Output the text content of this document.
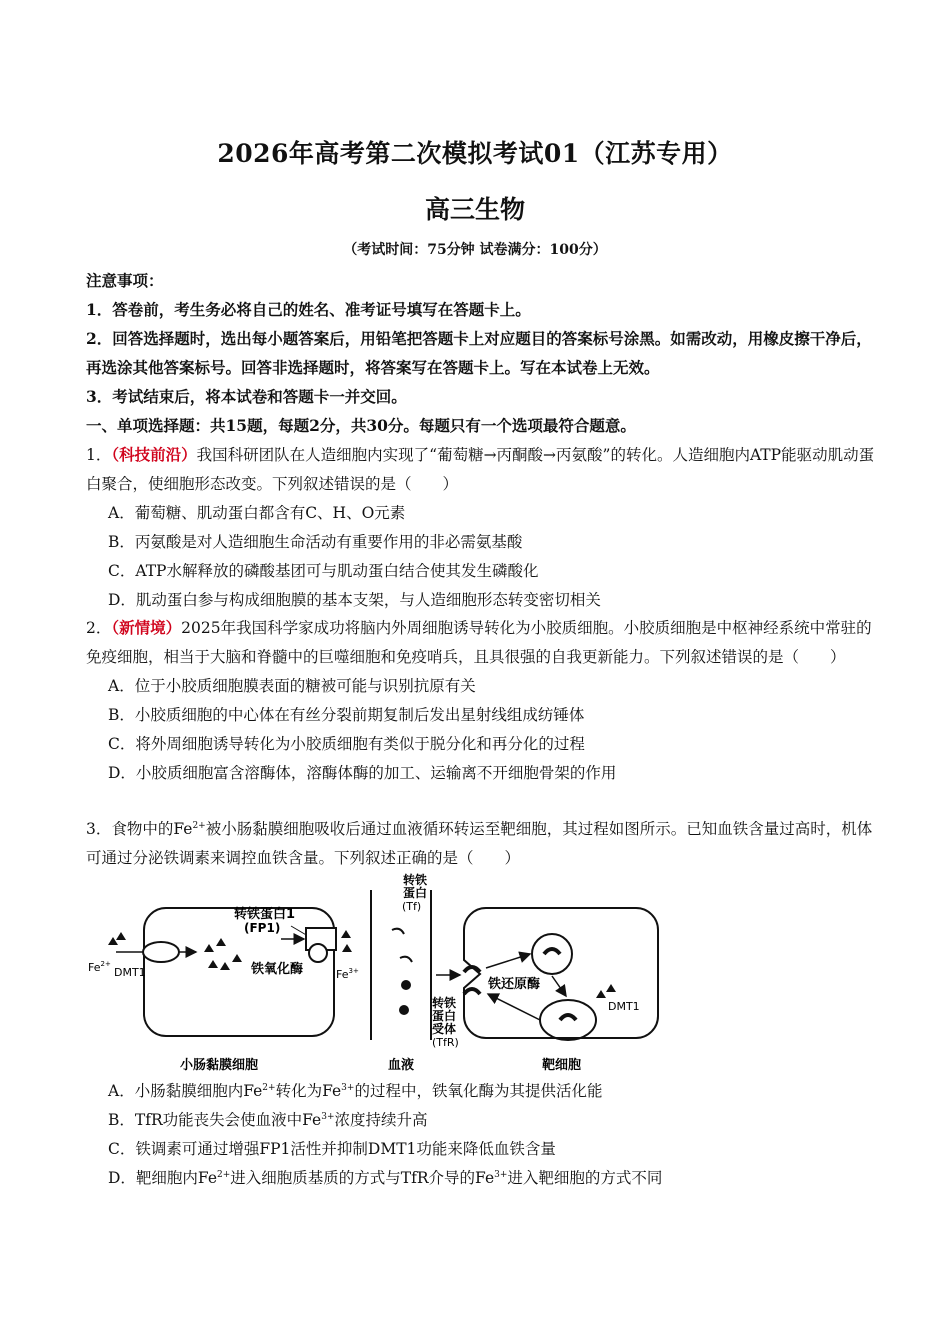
2026年高考第二次模拟考试01（江苏专用）
高三生物
（考试时间：75分钟 试卷满分：100分）

注意事项：

1．答卷前，考生务必将自己的姓名、准考证号填写在答题卡上。

2．回答选择题时，选出每小题答案后，用铅笔把答题卡上对应题目的答案标号涂黑。如需改动，用橡皮擦干净后，再选涂其他答案标号。回答非选择题时，将答案写在答题卡上。写在本试卷上无效。

3．考试结束后，将本试卷和答题卡一并交回。

一、单项选择题：共15题，每题2分，共30分。每题只有一个选项最符合题意。

1．（科技前沿）我国科研团队在人造细胞内实现了“葡萄糖→丙酮酸→丙氨酸”的转化。人造细胞内ATP能驱动肌动蛋白聚合，使细胞形态改变。下列叙述错误的是（　　）

A．葡萄糖、肌动蛋白都含有C、H、O元素

B．丙氨酸是对人造细胞生命活动有重要作用的非必需氨基酸

C．ATP水解释放的磷酸基团可与肌动蛋白结合使其发生磷酸化

D．肌动蛋白参与构成细胞膜的基本支架，与人造细胞形态转变密切相关

2．（新情境）2025年我国科学家成功将脑内外周细胞诱导转化为小胶质细胞。小胶质细胞是中枢神经系统中常驻的免疫细胞，相当于大脑和脊髓中的巨噬细胞和免疫哨兵，且具很强的自我更新能力。下列叙述错误的是（　　）

A．位于小胶质细胞膜表面的糖被可能与识别抗原有关

B．小胶质细胞的中心体在有丝分裂前期复制后发出星射线组成纺锤体

C．将外周细胞诱导转化为小胶质细胞有类似于脱分化和再分化的过程

D．小胶质细胞富含溶酶体，溶酶体酶的加工、运输离不开细胞骨架的作用

3．食物中的$Fe^{2+}$被小肠黏膜细胞吸收后通过血液循环转运至靶细胞，其过程如图所示。已知血铁含量过高时，机体可通过分泌铁调素来调控血铁含量。下列叙述正确的是（　　）

$Fe^{2+}$
DMT1
转铁蛋白1
(FP1)
铁氧化酶	$Fe^{3+}$
转铁
蛋白
(Tf)
转铁
蛋白
受体
(TfR)
铁还原酶
DMT1
小肠黏膜细胞	血液	靶细胞

A．小肠黏膜细胞内$Fe^{2+}$转化为$Fe^{3+}$的过程中，铁氧化酶为其提供活化能

B．TfR功能丧失会使血液中$Fe^{3+}$浓度持续升高

C．铁调素可通过增强FP1活性并抑制DMT1功能来降低血铁含量

D．靶细胞内$Fe^{2+}$进入细胞质基质的方式与TfR介导的$Fe^{3+}$进入靶细胞的方式不同
